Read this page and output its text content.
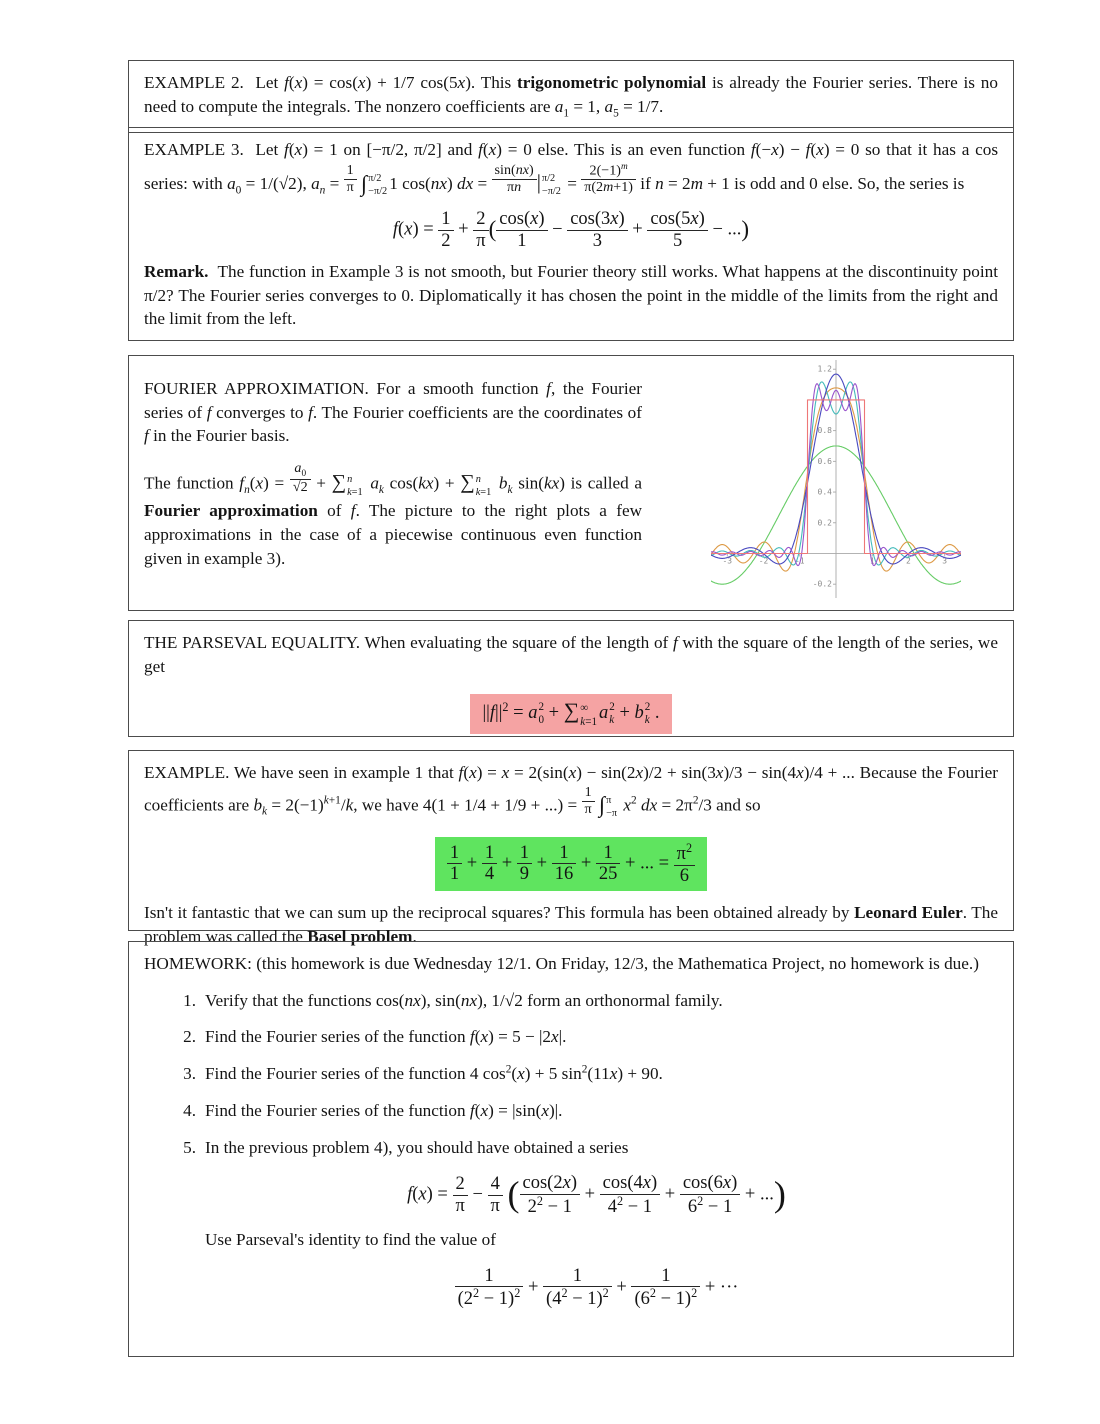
EXAMPLE 2.  Let f(x) = cos(x) + 1/7 cos(5x). This trigonometric polynomial is already the Fourier series. There is no need to compute the integrals. The nonzero coefficients are $a_1 = 1$, $a_5 = 1/7$.

EXAMPLE 3.  Let f(x) = 1 on [−π/2, π/2] and f(x) = 0 else. This is an even function f(−x) − f(x) = 0 so that it has a cos series: with $a_0 = 1/(√2)$, $a_n = \frac{1}{\pi}$ ∫ π/2
−π/2 1 cos(nx) dx = $\frac{\sin(nx)}{\pi n}$ | π/2
$-\pi/2 = \frac{2(-1)^m}{\pi(2m+1)}$ if n = 2m + 1 is odd and 0 else. So, the series is

$f(x) = \frac{1}{2} + \frac{2}{\pi}$ ( $\frac{\cos(x)}{1} - \frac{\cos(3x)}{3} + \frac{\cos(5x)}{5}$ − ...)

Remark.  The function in Example 3 is not smooth, but Fourier theory still works. What happens at the discontinuity point π/2? The Fourier series converges to 0. Diplomatically it has chosen the point in the middle of the limits from the right and the limit from the left.

FOURIER APPROXIMATION. For a smooth function f, the Fourier series of f converges to f. The Fourier coefficients are the coordinates of f in the Fourier basis.

The function $f_n(x) = \frac{a_0}{√2}$ + ∑ n
k=1 $a_k$ cos(kx) + ∑ n
k=1 $b_k$ sin(kx) is called a Fourier approximation of f. The picture to the right plots a few approximations in the case of a piecewise continuous even function given in example 3).	-3	-2	-1	1	2	3
-0.2
0.2
0.4
0.6
0.8
1.2

THE PARSEVAL EQUALITY. When evaluating the square of the length of f with the square of the length of the series, we get

$||f||^2 = a$ 2
0 + ∑ ∞
k=1 a 2
k + b 2
k .

EXAMPLE. We have seen in example 1 that f(x) = x = 2(sin(x) − sin(2x)/2 + sin(3x)/3 − sin(4x)/4 + ... Because the Fourier coefficients are $b_k = 2(-1)^{k+1}/k$, we have 4(1 + 1/4 + 1/9 + ...) = $\frac{1}{\pi}$ ∫ π
−π $x^2$ dx = $2\pi^2/3$ and so

$\frac{1}{1} + \frac{1}{4} + \frac{1}{9} + \frac{1}{16} + \frac{1}{25}$ + ... = $\frac{\pi^2}{6}$

Isn't it fantastic that we can sum up the reciprocal squares? This formula has been obtained already by Leonard Euler. The problem was called the Basel problem.

HOMEWORK: (this homework is due Wednesday 12/1. On Friday, 12/3, the Mathematica Project, no homework is due.)

1. Verify that the functions cos(nx), sin(nx), 1/√2 form an orthonormal family.
2. Find the Fourier series of the function f(x) = 5 − |2x|.
3. Find the Fourier series of the function 4 $\cos^2(x) + 5$ $\sin^2(11x) + 90$.
4. Find the Fourier series of the function f(x) = |sin(x)|.
5. In the previous problem 4), you should have obtained a series
$f(x) = \frac{2}{\pi} - \frac{4}{\pi}$ ( $\frac{\cos(2x)}{2^2 - 1} + \frac{\cos(4x)}{4^2 - 1} + \frac{\cos(6x)}{6^2 - 1}$ + ...)
Use Parseval's identity to find the value of
$\frac{1}{(2^2 - 1)^2} + \frac{1}{(4^2 - 1)^2} + \frac{1}{(6^2 - 1)^2}$ + ···
